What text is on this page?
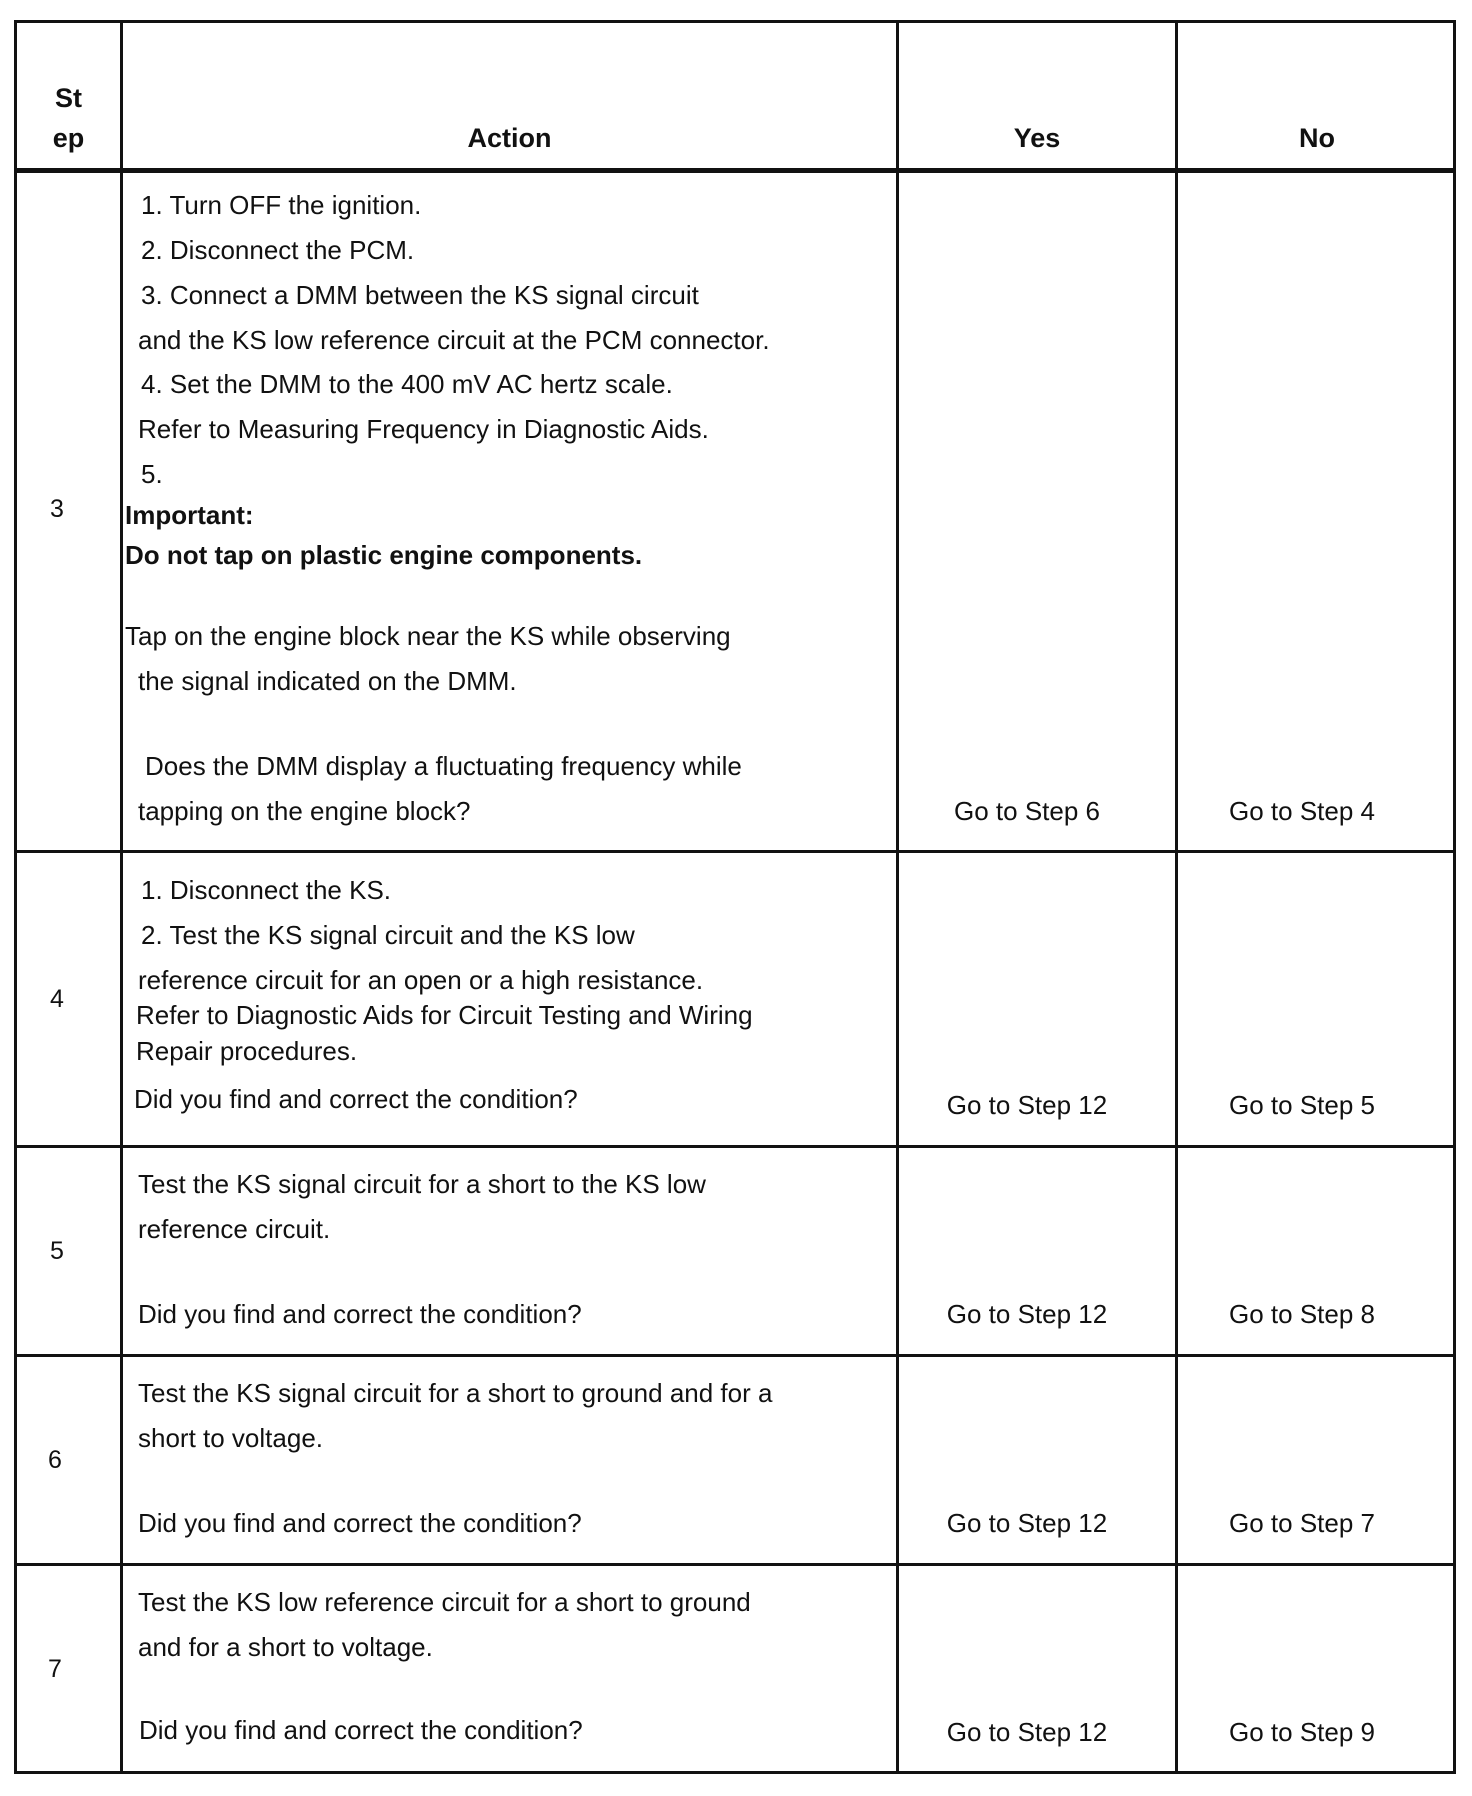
St
ep	Action	Yes	No
3
1. Turn OFF the ignition.
2. Disconnect the PCM.
3. Connect a DMM between the KS signal circuit
and the KS low reference circuit at the PCM connector.
4. Set the DMM to the 400 mV AC hertz scale.
Refer to Measuring Frequency in Diagnostic Aids.
5.
Important:
Do not tap on plastic engine components.
Tap on the engine block near the KS while observing
the signal indicated on the DMM.
Does the DMM display a fluctuating frequency while
tapping on the engine block?	Go to Step 6	Go to Step 4
4
1. Disconnect the KS.
2. Test the KS signal circuit and the KS low
reference circuit for an open or a high resistance.
Refer to Diagnostic Aids for Circuit Testing and Wiring
Repair procedures.
Did you find and correct the condition?	Go to Step 12	Go to Step 5
5
Test the KS signal circuit for a short to the KS low
reference circuit.
Did you find and correct the condition?	Go to Step 12	Go to Step 8
6
Test the KS signal circuit for a short to ground and for a
short to voltage.
Did you find and correct the condition?	Go to Step 12	Go to Step 7
7
Test the KS low reference circuit for a short to ground
and for a short to voltage.
Did you find and correct the condition?	Go to Step 12	Go to Step 9
